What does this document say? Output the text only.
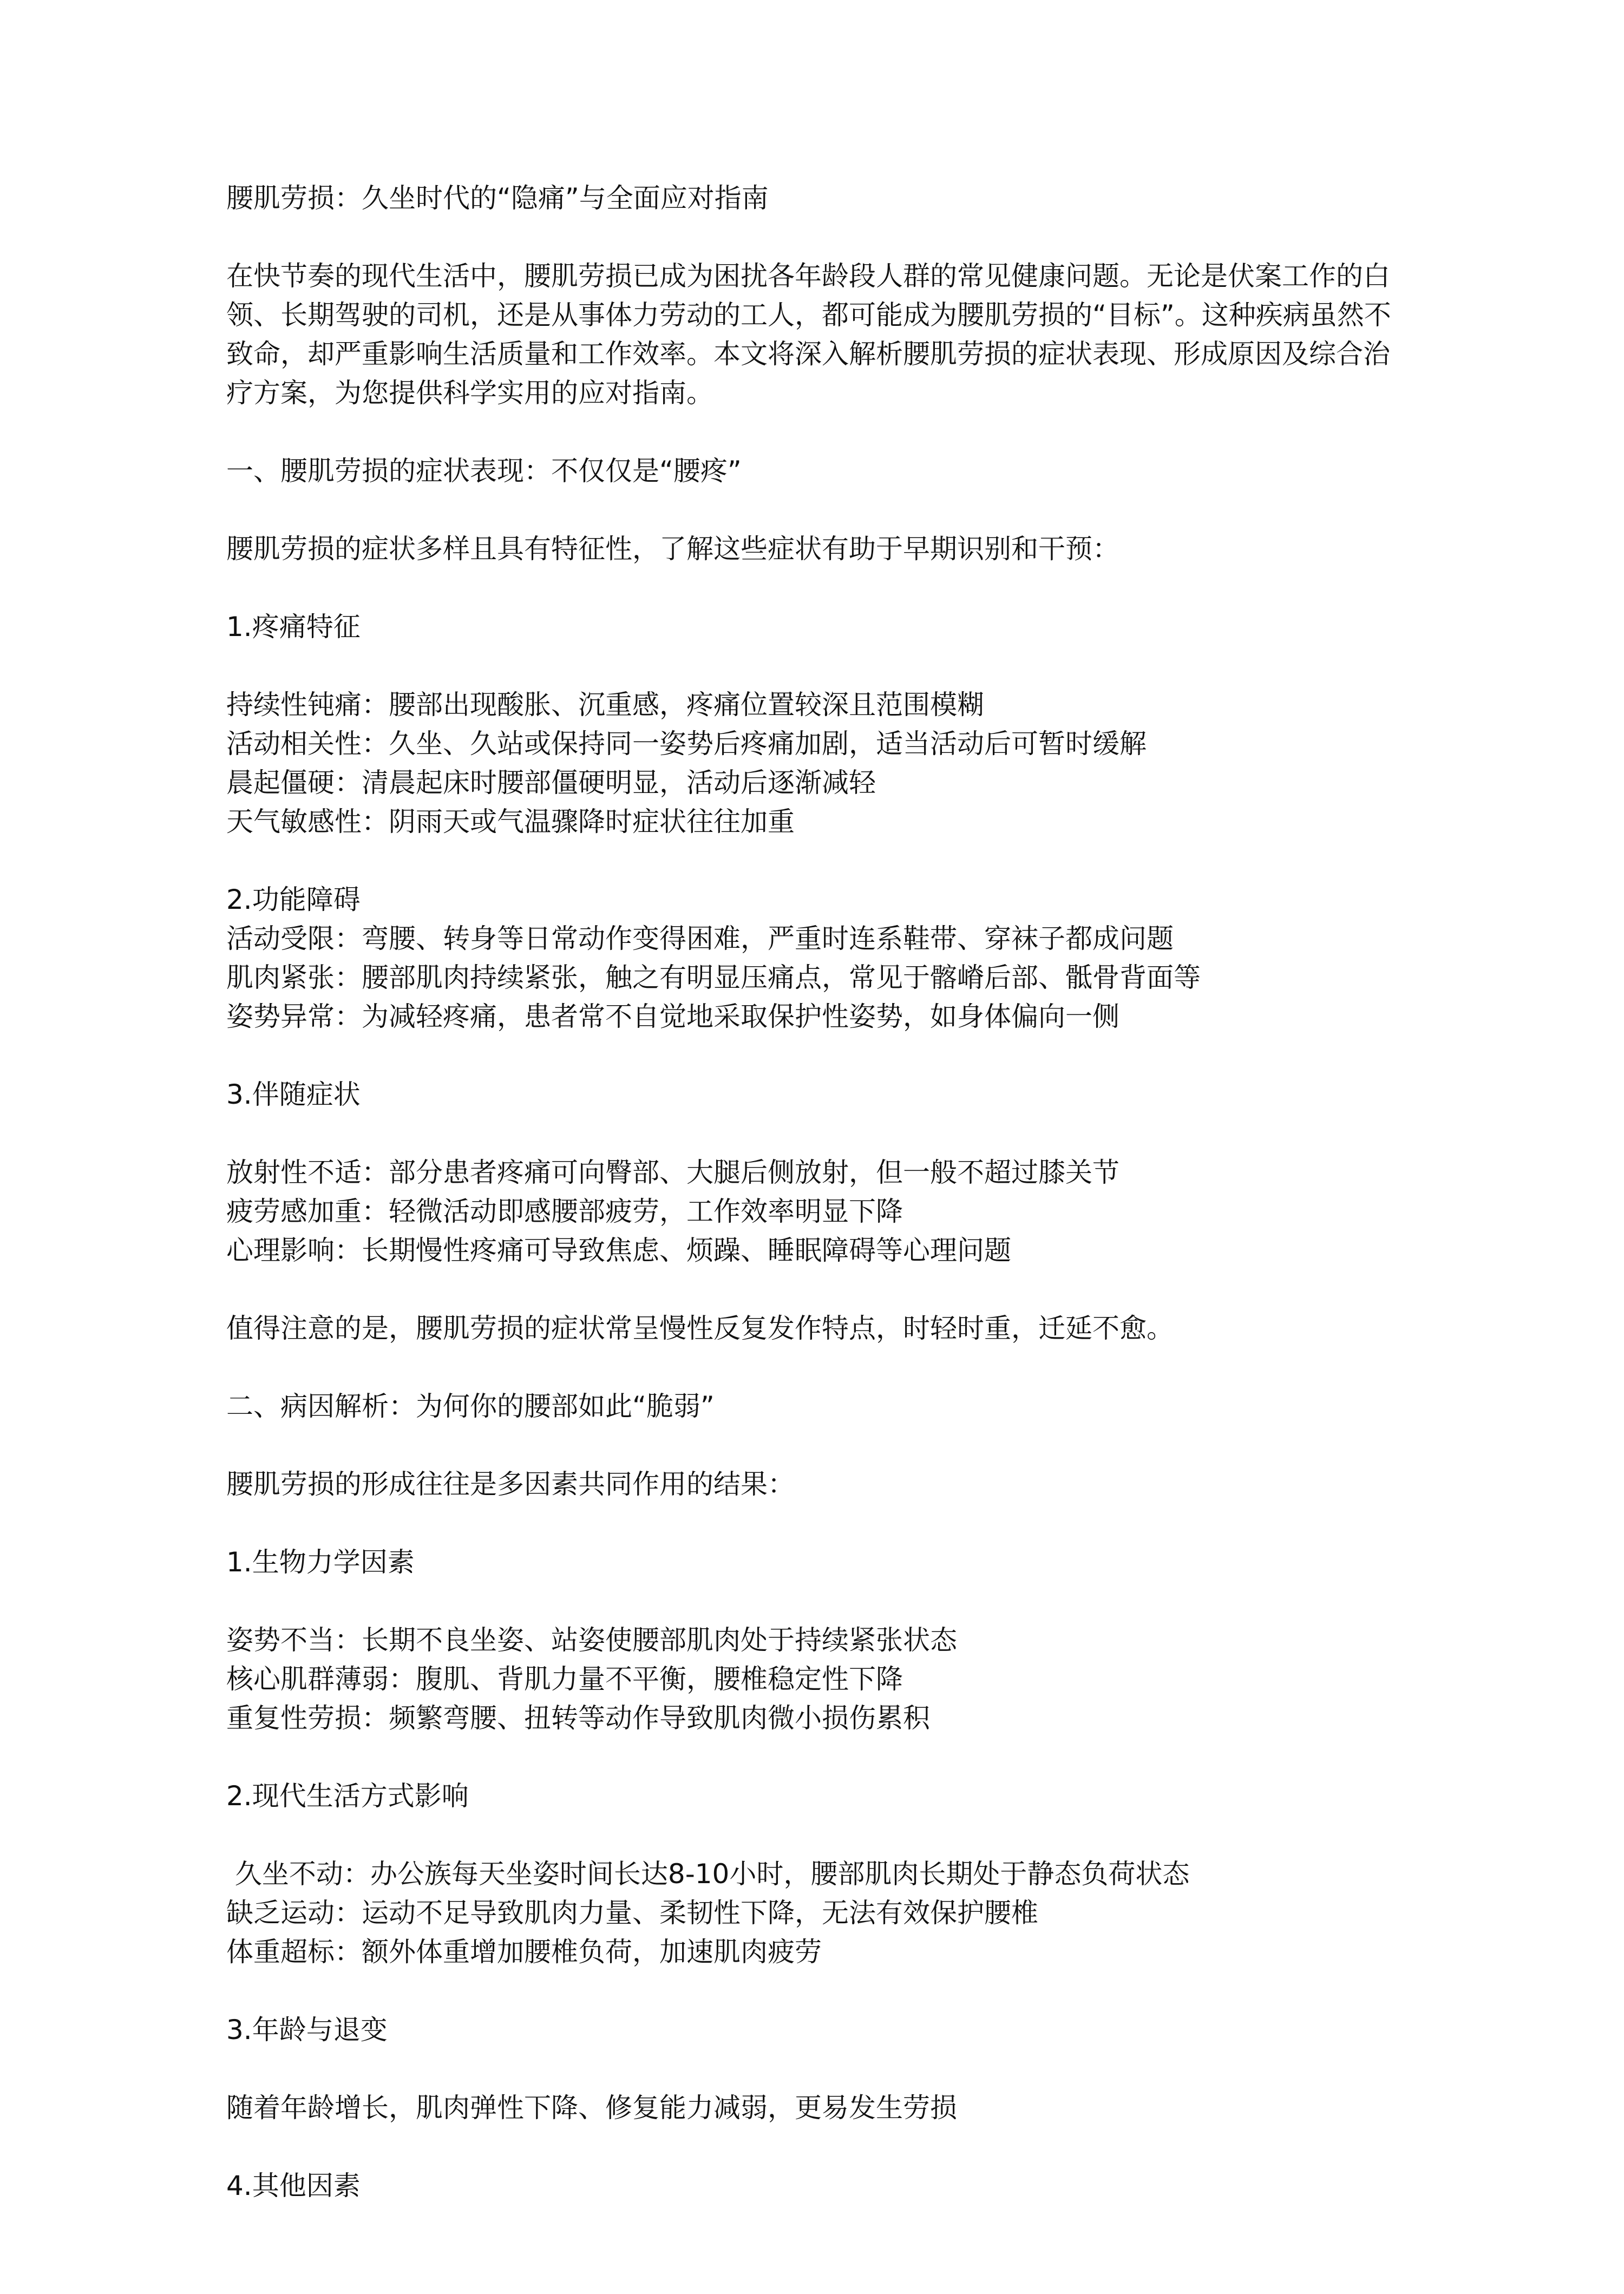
腰肌劳损：久坐时代的“隐痛”与全面应对指南

在快节奏的现代生活中，腰肌劳损已成为困扰各年龄段人群的常见健康问题。无论是伏案工作的白领、长期驾驶的司机，还是从事体力劳动的工人，都可能成为腰肌劳损的“目标”。这种疾病虽然不致命，却严重影响生活质量和工作效率。本文将深入解析腰肌劳损的症状表现、形成原因及综合治疗方案，为您提供科学实用的应对指南。

一、腰肌劳损的症状表现：不仅仅是“腰疼”

腰肌劳损的症状多样且具有特征性，了解这些症状有助于早期识别和干预：

1.疼痛特征

持续性钝痛：腰部出现酸胀、沉重感，疼痛位置较深且范围模糊

活动相关性：久坐、久站或保持同一姿势后疼痛加剧，适当活动后可暂时缓解

晨起僵硬：清晨起床时腰部僵硬明显，活动后逐渐减轻

天气敏感性：阴雨天或气温骤降时症状往往加重

2.功能障碍

活动受限：弯腰、转身等日常动作变得困难，严重时连系鞋带、穿袜子都成问题

肌肉紧张：腰部肌肉持续紧张，触之有明显压痛点，常见于髂嵴后部、骶骨背面等

姿势异常：为减轻疼痛，患者常不自觉地采取保护性姿势，如身体偏向一侧

3.伴随症状

放射性不适：部分患者疼痛可向臀部、大腿后侧放射，但一般不超过膝关节

疲劳感加重：轻微活动即感腰部疲劳，工作效率明显下降

心理影响：长期慢性疼痛可导致焦虑、烦躁、睡眠障碍等心理问题

值得注意的是，腰肌劳损的症状常呈慢性反复发作特点，时轻时重，迁延不愈。

二、病因解析：为何你的腰部如此“脆弱”

腰肌劳损的形成往往是多因素共同作用的结果：

1.生物力学因素

姿势不当：长期不良坐姿、站姿使腰部肌肉处于持续紧张状态

核心肌群薄弱：腹肌、背肌力量不平衡，腰椎稳定性下降

重复性劳损：频繁弯腰、扭转等动作导致肌肉微小损伤累积

2.现代生活方式影响

久坐不动：办公族每天坐姿时间长达8-10小时，腰部肌肉长期处于静态负荷状态

缺乏运动：运动不足导致肌肉力量、柔韧性下降，无法有效保护腰椎

体重超标：额外体重增加腰椎负荷，加速肌肉疲劳

3.年龄与退变

随着年龄增长，肌肉弹性下降、修复能力减弱，更易发生劳损

4.其他因素
